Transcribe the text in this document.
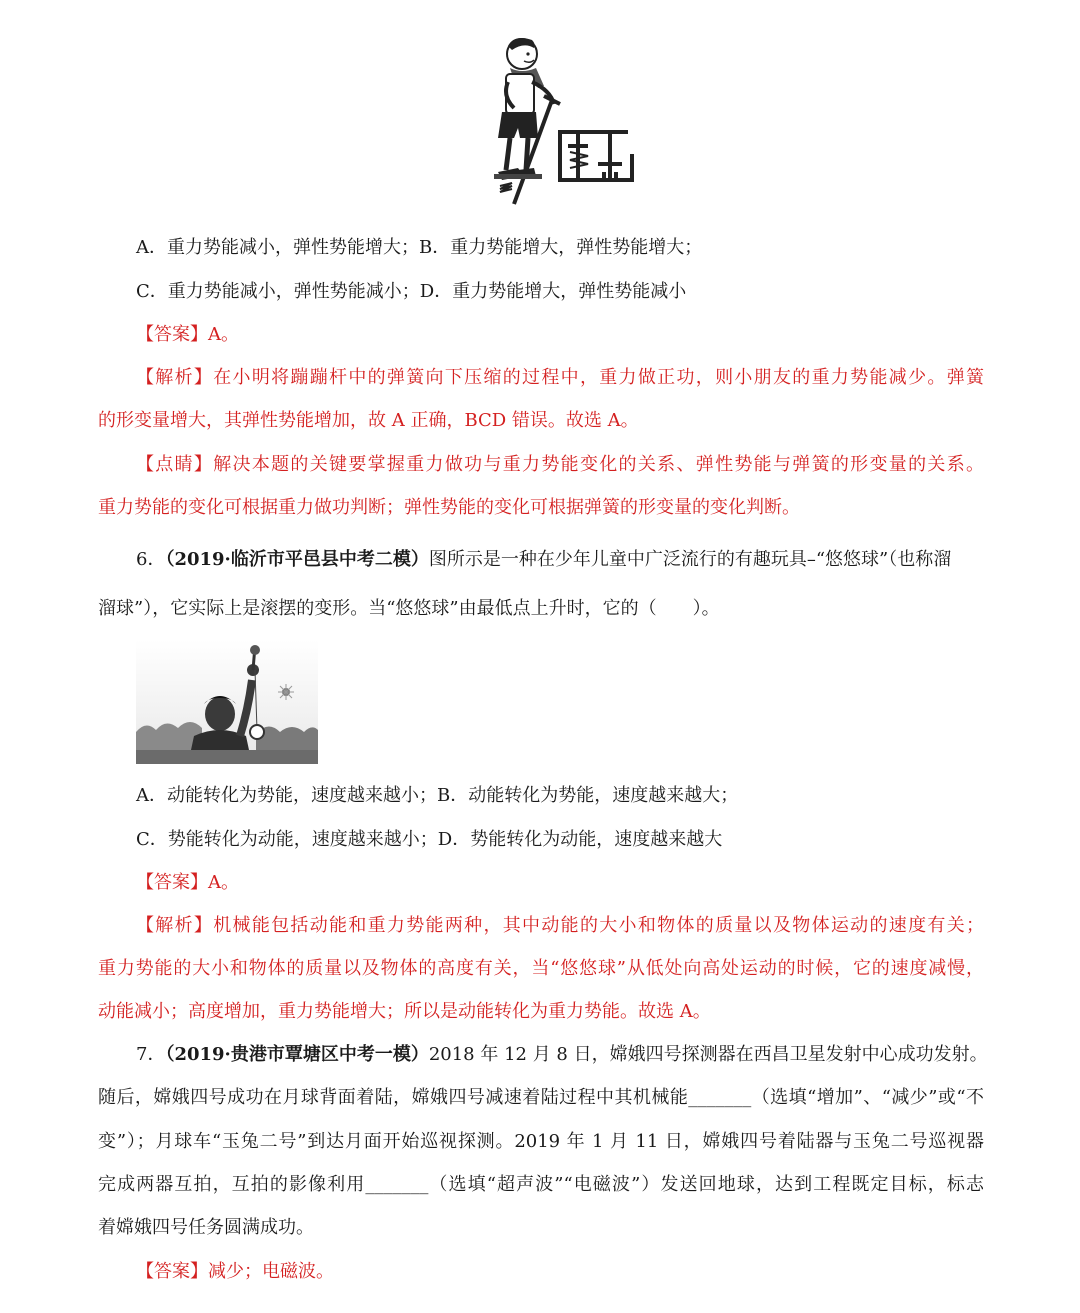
A．重力势能减小，弹性势能增大；B．重力势能增大，弹性势能增大；
C．重力势能减小，弹性势能减小；D．重力势能增大，弹性势能减小
【答案】A。
【解析】在小明将蹦蹦杆中的弹簧向下压缩的过程中，重力做正功，则小朋友的重力势能减少。弹簧
的形变量增大，其弹性势能增加，故 A 正确，BCD 错误。故选 A。
【点睛】解决本题的关键要掌握重力做功与重力势能变化的关系、弹性势能与弹簧的形变量的关系。
重力势能的变化可根据重力做功判断；弹性势能的变化可根据弹簧的形变量的变化判断。
6．（2019·临沂市平邑县中考二模）图所示是一种在少年儿童中广泛流行的有趣玩具–“悠悠球”（也称溜
溜球”），它实际上是滚摆的变形。当“悠悠球”由最低点上升时，它的（　　）。
A．动能转化为势能，速度越来越小；B．动能转化为势能，速度越来越大；
C．势能转化为动能，速度越来越小；D．势能转化为动能，速度越来越大
【答案】A。
【解析】机械能包括动能和重力势能两种，其中动能的大小和物体的质量以及物体运动的速度有关；
重力势能的大小和物体的质量以及物体的高度有关，当“悠悠球”从低处向高处运动的时候，它的速度减慢，
动能减小；高度增加，重力势能增大；所以是动能转化为重力势能。故选 A。
7．（2019·贵港市覃塘区中考一模）2018 年 12 月 8 日，嫦娥四号探测器在西昌卫星发射中心成功发射。
随后，嫦娥四号成功在月球背面着陆，嫦娥四号减速着陆过程中其机械能_______（选填“增加”、“减少”或“不
变”）；月球车“玉兔二号”到达月面开始巡视探测。2019 年 1 月 11 日，嫦娥四号着陆器与玉兔二号巡视器
完成两器互拍，互拍的影像利用_______（选填“超声波”“电磁波”）发送回地球，达到工程既定目标，标志
着嫦娥四号任务圆满成功。
【答案】减少；电磁波。
